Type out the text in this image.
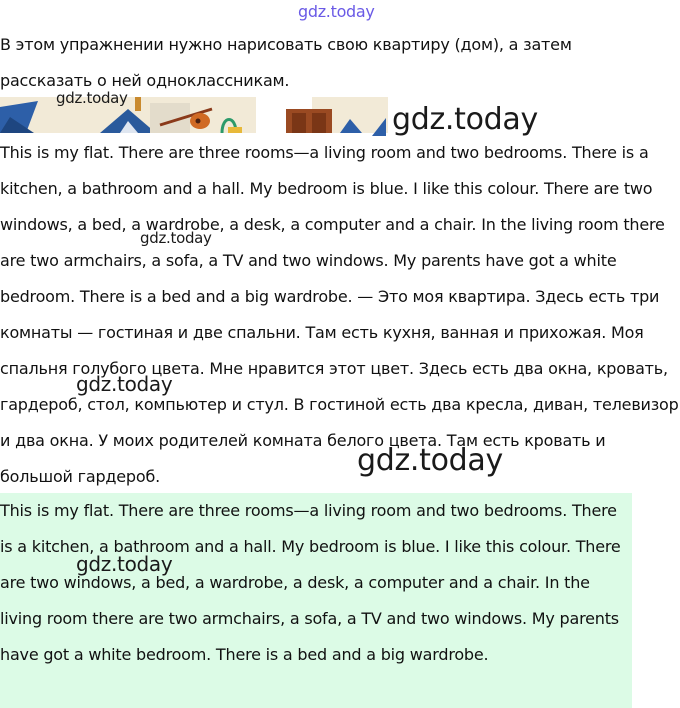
gdz.today

В этом упражнении нужно нарисовать свою квартиру (дом), а затем рассказать о ней одноклассникам.

gdz.today
gdz.today

This is my flat. There are three rooms—a living room and two bedrooms. There is a kitchen, a bathroom and a hall. My bedroom is blue. I like this colour. There are two windows, a bed, a wardrobe, a desk, a computer and a chair. In the living room there are two armchairs, a sofa, a TV and two windows. My parents have got a white bedroom. There is a bed and a big wardrobe. — Это моя квартира. Здесь есть три комнаты — гостиная и две спальни. Там есть кухня, ванная и прихожая. Моя спальня голубого цвета. Мне нравится этот цвет. Здесь есть два окна, кровать, гардероб, стол, компьютер и стул. В гостиной есть два кресла, диван, телевизор и два окна. У моих родителей комната белого цвета. Там есть кровать и большой гардероб.

gdz.today
gdz.today
gdz.today

This is my flat. There are three rooms—a living room and two bedrooms. There is a kitchen, a bathroom and a hall. My bedroom is blue. I like this colour. There are two windows, a bed, a wardrobe, a desk, a computer and a chair. In the living room there are two armchairs, a sofa, a TV and two windows. My parents have got a white bedroom. There is a bed and a big wardrobe.

gdz.today
